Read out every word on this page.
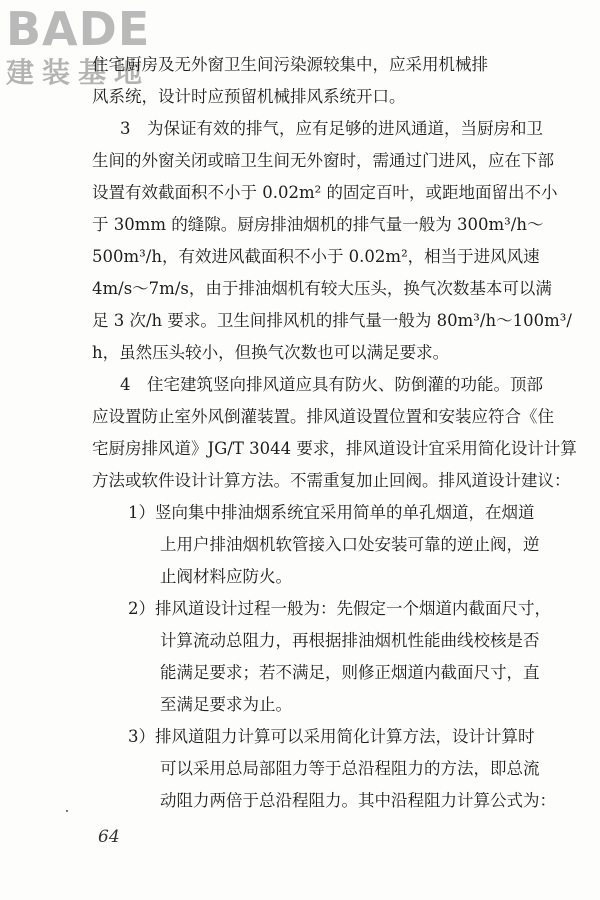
BADE
建装基地
住宅厨房及无外窗卫生间污染源较集中，应采用机械排
风系统，设计时应预留机械排风系统开口。
3　为保证有效的排气，应有足够的进风通道，当厨房和卫
生间的外窗关闭或暗卫生间无外窗时，需通过门进风，应在下部
设置有效截面积不小于 0.02m² 的固定百叶，或距地面留出不小
于 30mm 的缝隙。厨房排油烟机的排气量一般为 300m³/h～
500m³/h，有效进风截面积不小于 0.02m²，相当于进风风速
4m/s～7m/s，由于排油烟机有较大压头，换气次数基本可以满
足 3 次/h 要求。卫生间排风机的排气量一般为 80m³/h～100m³/
h，虽然压头较小，但换气次数也可以满足要求。
4　住宅建筑竖向排风道应具有防火、防倒灌的功能。顶部
应设置防止室外风倒灌装置。排风道设置位置和安装应符合《住
宅厨房排风道》JG/T 3044 要求，排风道设计宜采用简化设计计算
方法或软件设计计算方法。不需重复加止回阀。排风道设计建议：
1）竖向集中排油烟系统宜采用简单的单孔烟道，在烟道
上用户排油烟机软管接入口处安装可靠的逆止阀，逆
止阀材料应防火。
2）排风道设计过程一般为：先假定一个烟道内截面尺寸，
计算流动总阻力，再根据排油烟机性能曲线校核是否
能满足要求；若不满足，则修正烟道内截面尺寸，直
至满足要求为止。
3）排风道阻力计算可以采用简化计算方法，设计计算时
可以采用总局部阻力等于总沿程阻力的方法，即总流
动阻力两倍于总沿程阻力。其中沿程阻力计算公式为：
64
